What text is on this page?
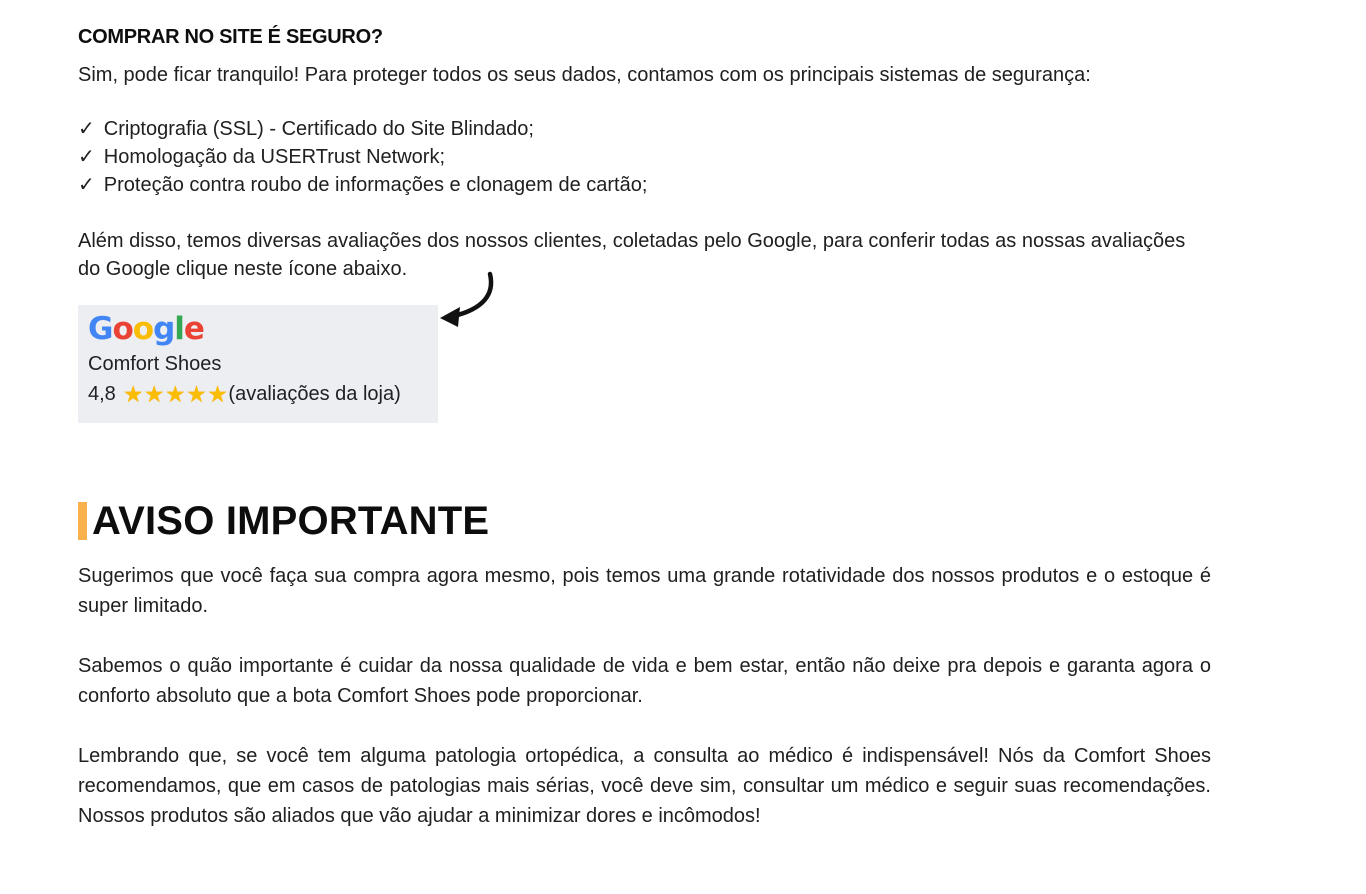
COMPRAR NO SITE É SEGURO?

Sim, pode ficar tranquilo! Para proteger todos os seus dados, contamos com os principais sistemas de segurança:

✓ Criptografia (SSL) - Certificado do Site Blindado;
✓ Homologação da USERTrust Network;
✓ Proteção contra roubo de informações e clonagem de cartão;

Além disso, temos diversas avaliações dos nossos clientes, coletadas pelo Google, para conferir todas as nossas avaliações do Google clique neste ícone abaixo.

Google
Comfort Shoes
4,8 ★★★★★ (avaliações da loja)
AVISO IMPORTANTE

Sugerimos que você faça sua compra agora mesmo, pois temos uma grande rotatividade dos nossos produtos e o estoque é super limitado.

Sabemos o quão importante é cuidar da nossa qualidade de vida e bem estar, então não deixe pra depois e garanta agora o conforto absoluto que a bota Comfort Shoes pode proporcionar.

Lembrando que, se você tem alguma patologia ortopédica, a consulta ao médico é indispensável! Nós da Comfort Shoes recomendamos, que em casos de patologias mais sérias, você deve sim, consultar um médico e seguir suas recomendações. Nossos produtos são aliados que vão ajudar a minimizar dores e incômodos!
